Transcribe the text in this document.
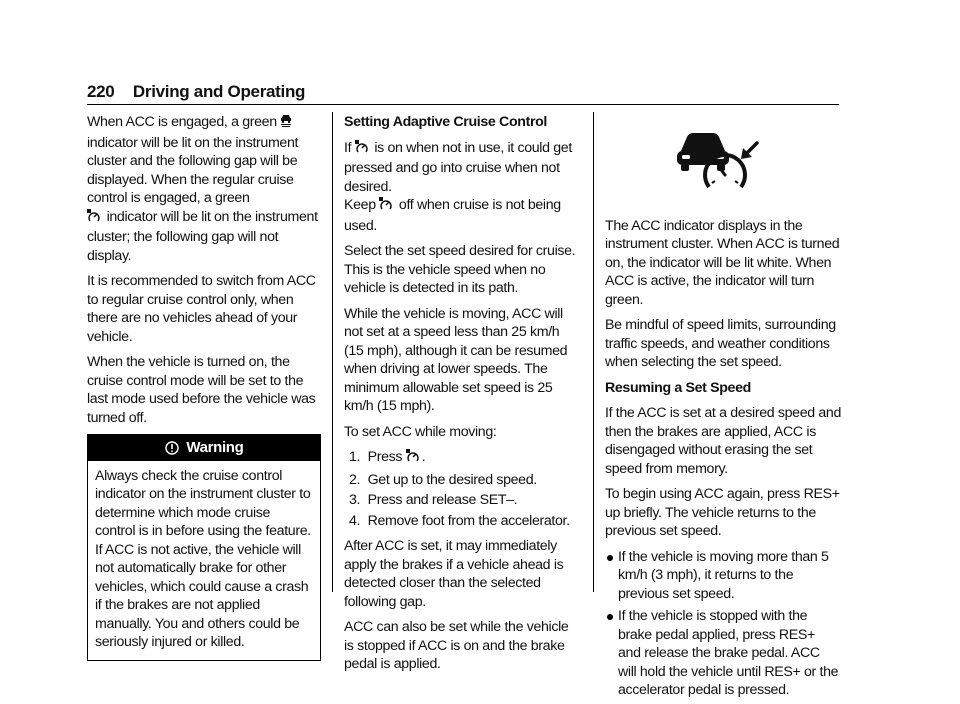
220 Driving and Operating

When ACC is engaged, a green  indicator will be lit on the instrument cluster and the following gap will be displayed. When the regular cruise control is engaged, a green
indicator will be lit on the instrument cluster; the following gap will not display.

It is recommended to switch from ACC to regular cruise control only, when there are no vehicles ahead of your vehicle.

When the vehicle is turned on, the cruise control mode will be set to the last mode used before the vehicle was turned off.

Warning
Always check the cruise control indicator on the instrument cluster to determine which mode cruise control is in before using the feature. If ACC is not active, the vehicle will not automatically brake for other vehicles, which could cause a crash if the brakes are not applied manually. You and others could be seriously injured or killed.

Setting Adaptive Cruise Control

If is on when not in use, it could get pressed and go into cruise when not desired.
Keep off when cruise is not being used.

Select the set speed desired for cruise. This is the vehicle speed when no vehicle is detected in its path.

While the vehicle is moving, ACC will not set at a speed less than 25 km/h (15 mph), although it can be resumed when driving at lower speeds. The minimum allowable set speed is 25 km/h (15 mph).

To set ACC while moving:

1. Press .
2. Get up to the desired speed.
3. Press and release SET–.
4. Remove foot from the accelerator.

After ACC is set, it may immediately apply the brakes if a vehicle ahead is detected closer than the selected following gap.

ACC can also be set while the vehicle is stopped if ACC is on and the brake pedal is applied.

The ACC indicator displays in the instrument cluster. When ACC is turned on, the indicator will be lit white. When ACC is active, the indicator will turn green.

Be mindful of speed limits, surrounding traffic speeds, and weather conditions when selecting the set speed.

Resuming a Set Speed

If the ACC is set at a desired speed and then the brakes are applied, ACC is disengaged without erasing the set speed from memory.

To begin using ACC again, press RES+ up briefly. The vehicle returns to the previous set speed.

If the vehicle is moving more than 5 km/h (3 mph), it returns to the previous set speed.
If the vehicle is stopped with the brake pedal applied, press RES+ and release the brake pedal. ACC will hold the vehicle until RES+ or the accelerator pedal is pressed.
